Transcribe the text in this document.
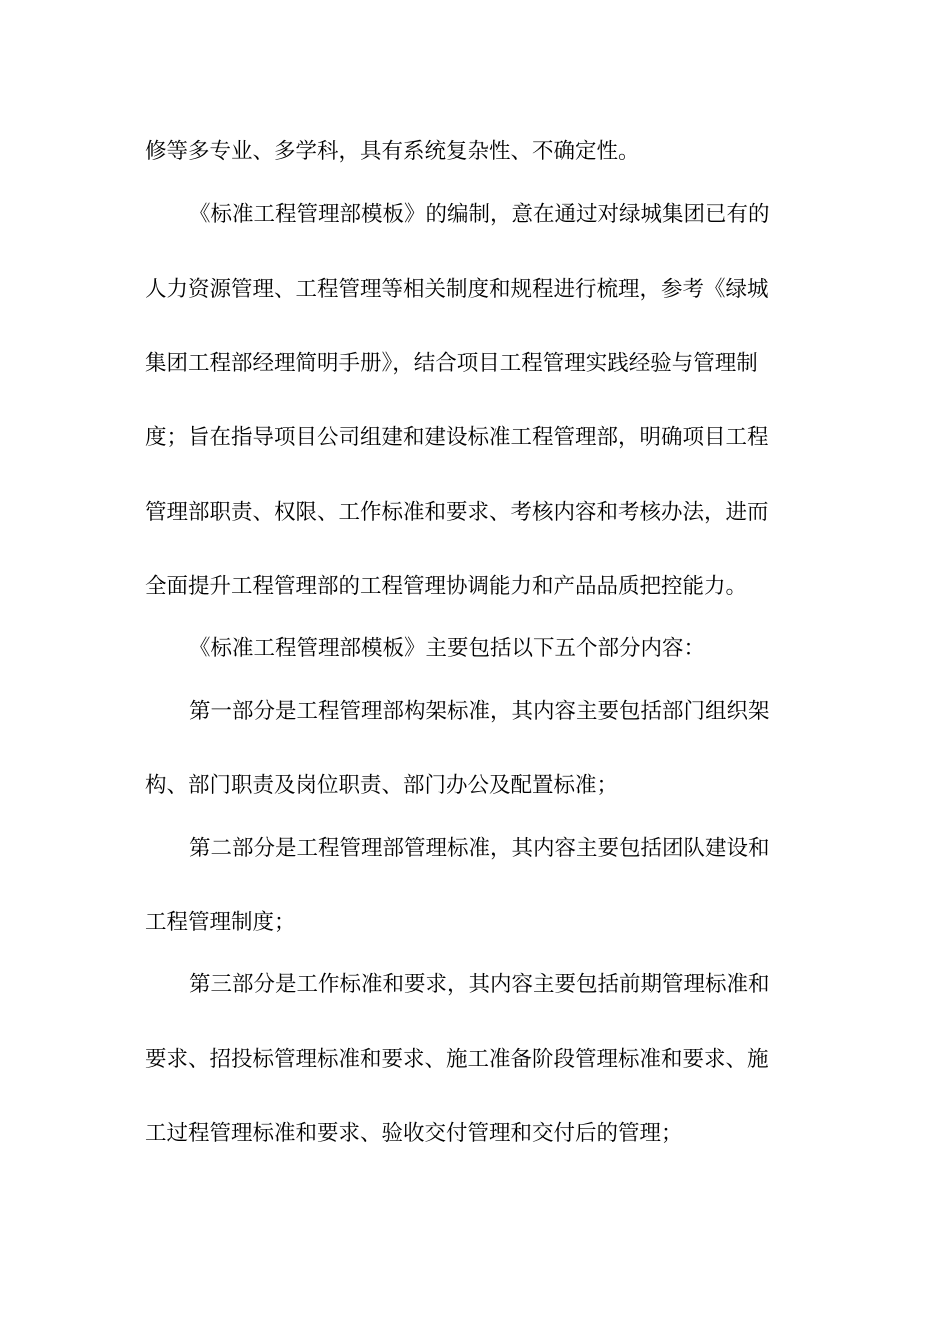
修等多专业、多学科，具有系统复杂性、不确定性。
《标准工程管理部模板》的编制，意在通过对绿城集团已有的
人力资源管理、工程管理等相关制度和规程进行梳理，参考《绿城
集团工程部经理简明手册》，结合项目工程管理实践经验与管理制
度；旨在指导项目公司组建和建设标准工程管理部，明确项目工程
管理部职责、权限、工作标准和要求、考核内容和考核办法，进而
全面提升工程管理部的工程管理协调能力和产品品质把控能力。
《标准工程管理部模板》主要包括以下五个部分内容：
第一部分是工程管理部构架标准，其内容主要包括部门组织架
构、部门职责及岗位职责、部门办公及配置标准；
第二部分是工程管理部管理标准，其内容主要包括团队建设和
工程管理制度；
第三部分是工作标准和要求，其内容主要包括前期管理标准和
要求、招投标管理标准和要求、施工准备阶段管理标准和要求、施
工过程管理标准和要求、验收交付管理和交付后的管理；
